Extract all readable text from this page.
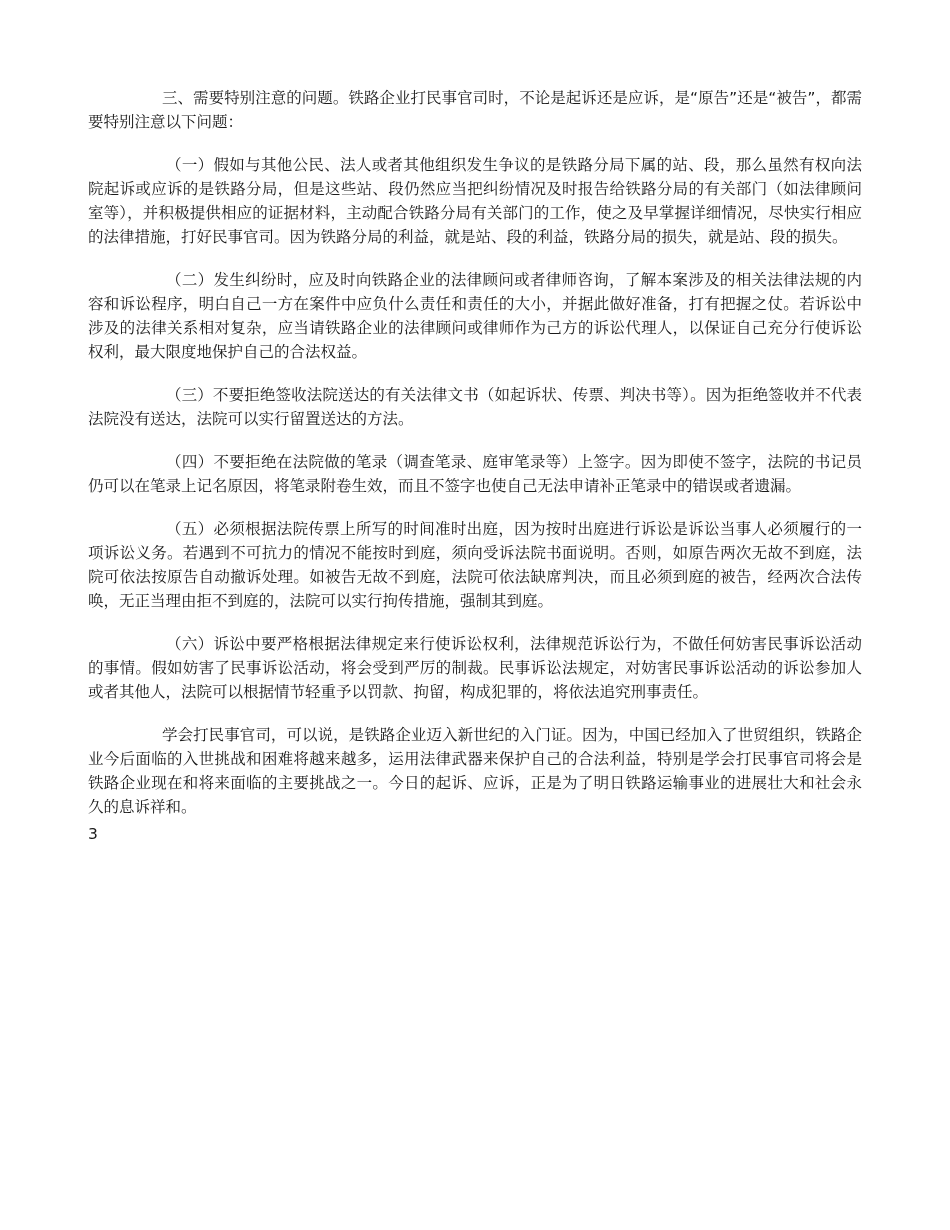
三、需要特别注意的问题。铁路企业打民事官司时，不论是起诉还是应诉，是“原告”还是“被告”，都需要特别注意以下问题：

（一）假如与其他公民、法人或者其他组织发生争议的是铁路分局下属的站、段，那么虽然有权向法院起诉或应诉的是铁路分局，但是这些站、段仍然应当把纠纷情况及时报告给铁路分局的有关部门（如法律顾问室等），并积极提供相应的证据材料，主动配合铁路分局有关部门的工作，使之及早掌握详细情况，尽快实行相应的法律措施，打好民事官司。因为铁路分局的利益，就是站、段的利益，铁路分局的损失，就是站、段的损失。

（二）发生纠纷时，应及时向铁路企业的法律顾问或者律师咨询，了解本案涉及的相关法律法规的内容和诉讼程序，明白自己一方在案件中应负什么责任和责任的大小，并据此做好准备，打有把握之仗。若诉讼中涉及的法律关系相对复杂，应当请铁路企业的法律顾问或律师作为己方的诉讼代理人，以保证自己充分行使诉讼权利，最大限度地保护自己的合法权益。

（三）不要拒绝签收法院送达的有关法律文书（如起诉状、传票、判决书等）。因为拒绝签收并不代表法院没有送达，法院可以实行留置送达的方法。

（四）不要拒绝在法院做的笔录（调查笔录、庭审笔录等）上签字。因为即使不签字，法院的书记员仍可以在笔录上记名原因，将笔录附卷生效，而且不签字也使自己无法申请补正笔录中的错误或者遗漏。

（五）必须根据法院传票上所写的时间准时出庭，因为按时出庭进行诉讼是诉讼当事人必须履行的一项诉讼义务。若遇到不可抗力的情况不能按时到庭，须向受诉法院书面说明。否则，如原告两次无故不到庭，法院可依法按原告自动撤诉处理。如被告无故不到庭，法院可依法缺席判决，而且必须到庭的被告，经两次合法传唤，无正当理由拒不到庭的，法院可以实行拘传措施，强制其到庭。

（六）诉讼中要严格根据法律规定来行使诉讼权利，法律规范诉讼行为，不做任何妨害民事诉讼活动的事情。假如妨害了民事诉讼活动，将会受到严厉的制裁。民事诉讼法规定，对妨害民事诉讼活动的诉讼参加人或者其他人，法院可以根据情节轻重予以罚款、拘留，构成犯罪的，将依法追究刑事责任。

学会打民事官司，可以说，是铁路企业迈入新世纪的入门证。因为，中国已经加入了世贸组织，铁路企业今后面临的入世挑战和困难将越来越多，运用法律武器来保护自己的合法利益，特别是学会打民事官司将会是铁路企业现在和将来面临的主要挑战之一。今日的起诉、应诉，正是为了明日铁路运输事业的进展壮大和社会永久的息诉祥和。

3
